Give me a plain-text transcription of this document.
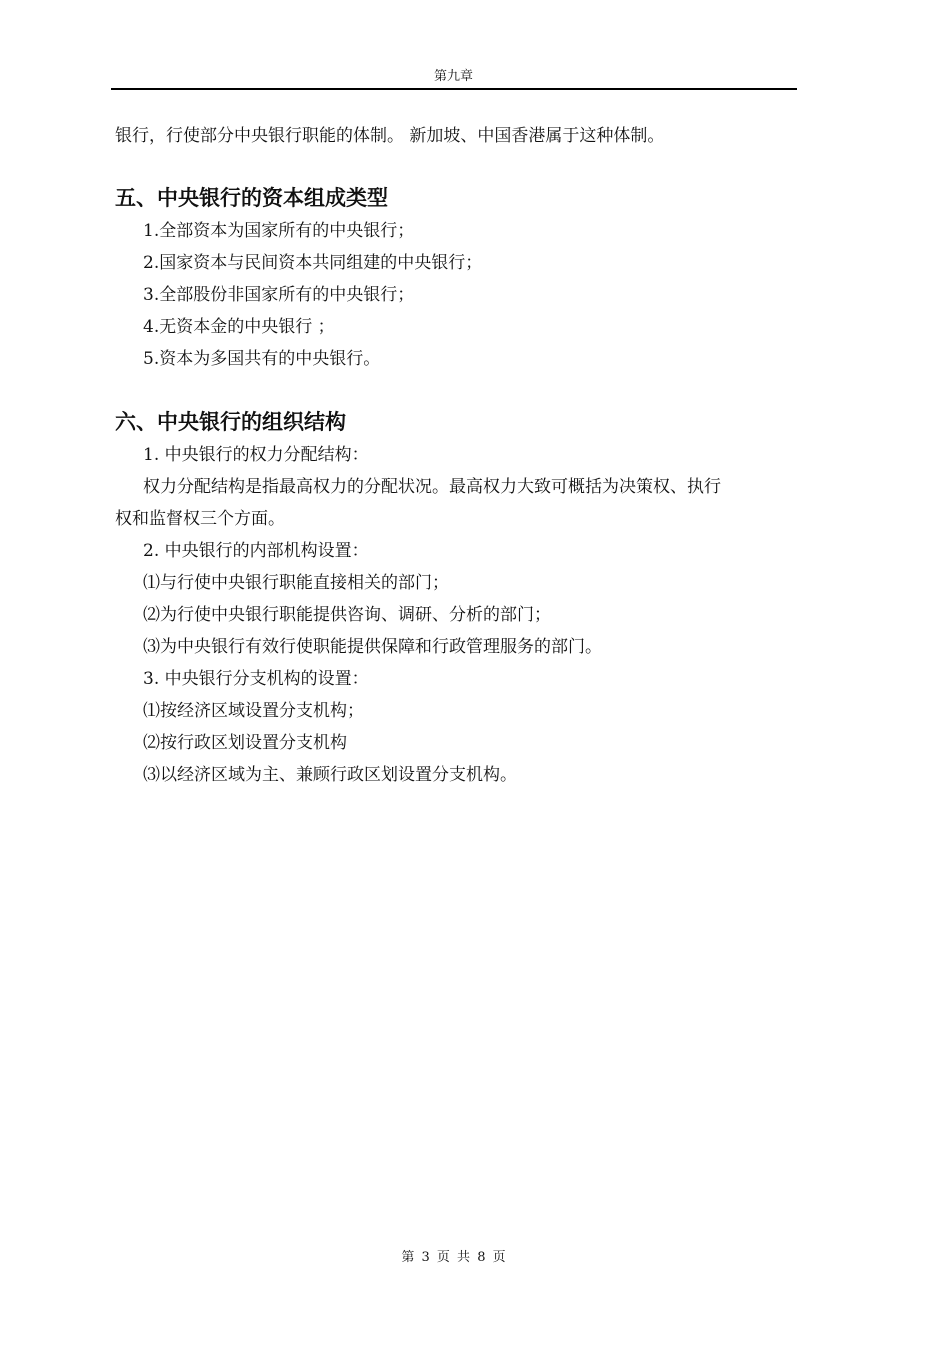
第九章
银行，行使部分中央银行职能的体制。 新加坡、中国香港属于这种体制。
五、中央银行的资本组成类型
1.全部资本为国家所有的中央银行；
2.国家资本与民间资本共同组建的中央银行；
3.全部股份非国家所有的中央银行；
4.无资本金的中央银行 ；
5.资本为多国共有的中央银行。
六、中央银行的组织结构
1. 中央银行的权力分配结构：
权力分配结构是指最高权力的分配状况。最高权力大致可概括为决策权、执行
权和监督权三个方面。
2. 中央银行的内部机构设置：
⑴与行使中央银行职能直接相关的部门；
⑵为行使中央银行职能提供咨询、调研、分析的部门；
⑶为中央银行有效行使职能提供保障和行政管理服务的部门。
3. 中央银行分支机构的设置：
⑴按经济区域设置分支机构；
⑵按行政区划设置分支机构
⑶以经济区域为主、兼顾行政区划设置分支机构。
第 3 页 共 8 页
